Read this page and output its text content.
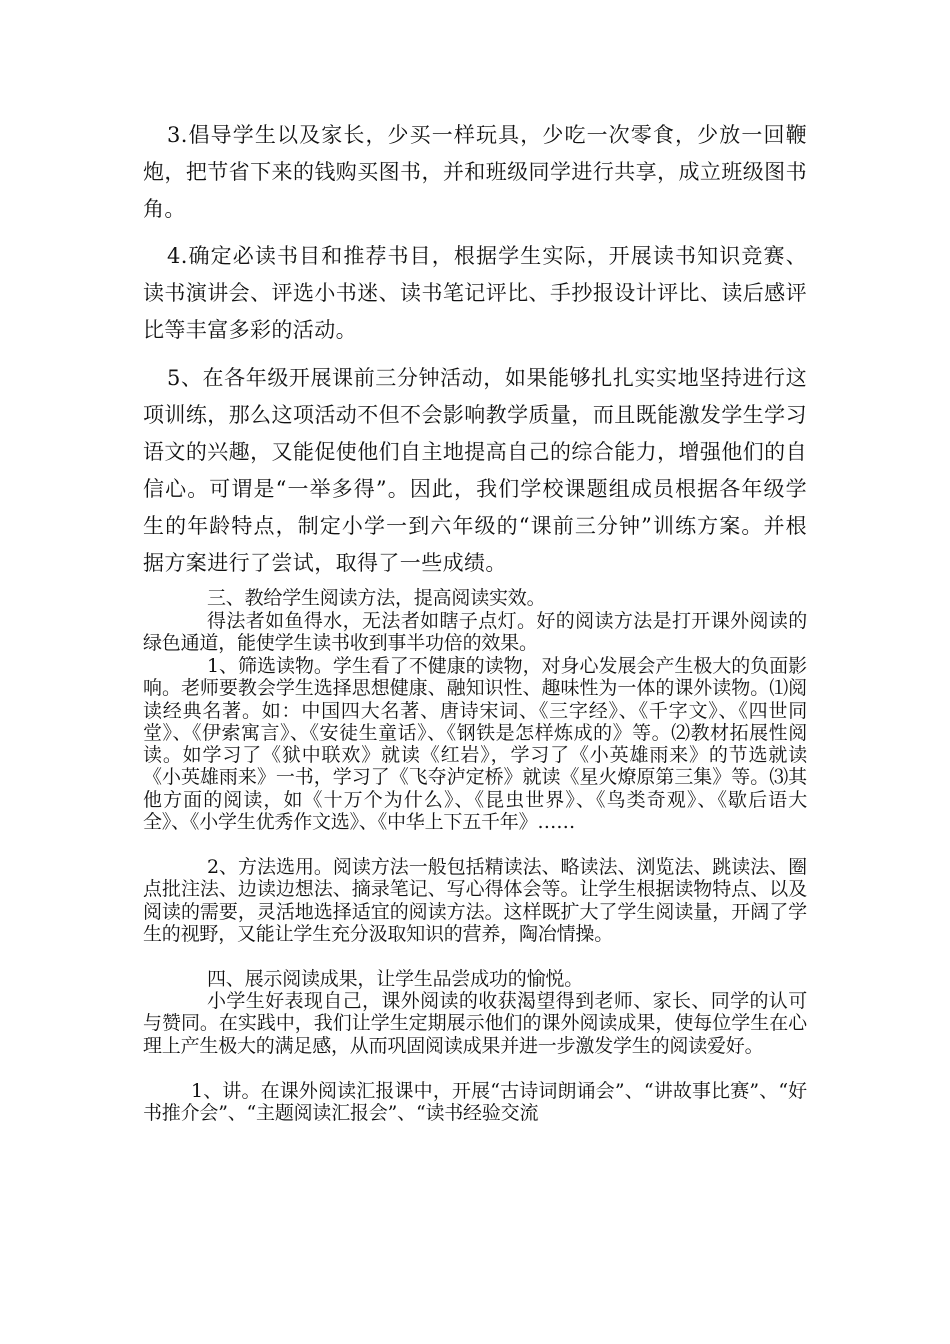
3.倡导学生以及家长，少买一样玩具，少吃一次零食，少放一回鞭炮，把节省下来的钱购买图书，并和班级同学进行共享，成立班级图书角。

4.确定必读书目和推荐书目，根据学生实际，开展读书知识竞赛、读书演讲会、评选小书迷、读书笔记评比、手抄报设计评比、读后感评比等丰富多彩的活动。

5、在各年级开展课前三分钟活动，如果能够扎扎实实地坚持进行这项训练，那么这项活动不但不会影响教学质量，而且既能激发学生学习语文的兴趣，又能促使他们自主地提高自己的综合能力，增强他们的自信心。可谓是“一举多得”。因此，我们学校课题组成员根据各年级学生的年龄特点，制定小学一到六年级的“课前三分钟”训练方案。并根据方案进行了尝试，取得了一些成绩。

三、教给学生阅读方法，提高阅读实效。

得法者如鱼得水，无法者如瞎子点灯。好的阅读方法是打开课外阅读的绿色通道，能使学生读书收到事半功倍的效果。

1、筛选读物。学生看了不健康的读物，对身心发展会产生极大的负面影响。老师要教会学生选择思想健康、融知识性、趣味性为一体的课外读物。⑴阅读经典名著。如：中国四大名著、唐诗宋词、《三字经》、《千字文》、《四世同堂》、《伊索寓言》、《安徒生童话》、《钢铁是怎样炼成的》等。⑵教材拓展性阅读。如学习了《狱中联欢》就读《红岩》，学习了《小英雄雨来》的节选就读《小英雄雨来》一书，学习了《飞夺泸定桥》就读《星火燎原第三集》等。⑶其他方面的阅读，如《十万个为什么》、《昆虫世界》、《鸟类奇观》、《歇后语大全》、《小学生优秀作文选》、《中华上下五千年》……

2、方法选用。阅读方法一般包括精读法、略读法、浏览法、跳读法、圈点批注法、边读边想法、摘录笔记、写心得体会等。让学生根据读物特点、以及阅读的需要，灵活地选择适宜的阅读方法。这样既扩大了学生阅读量，开阔了学生的视野，又能让学生充分汲取知识的营养，陶冶情操。

四、展示阅读成果，让学生品尝成功的愉悦。

小学生好表现自己，课外阅读的收获渴望得到老师、家长、同学的认可与赞同。在实践中，我们让学生定期展示他们的课外阅读成果，使每位学生在心理上产生极大的满足感，从而巩固阅读成果并进一步激发学生的阅读爱好。

1、讲。在课外阅读汇报课中，开展“古诗词朗诵会”、“讲故事比赛”、“好书推介会”、“主题阅读汇报会”、“读书经验交流
